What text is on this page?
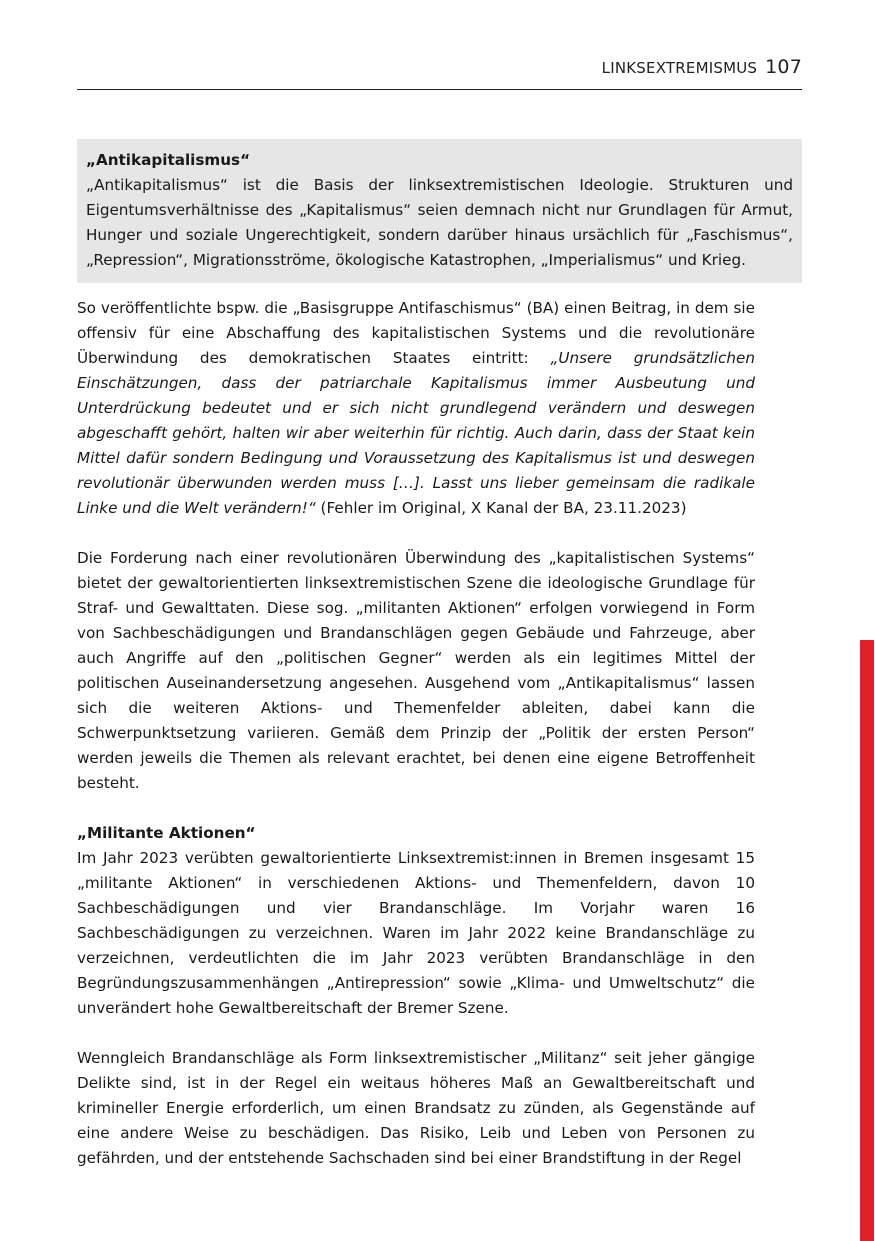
LINKSEXTREMISMUS 107
„Antikapitalismus“
„Antikapitalismus“ ist die Basis der linksextremistischen Ideologie. Strukturen und Eigentumsverhältnisse des „Kapitalismus“ seien demnach nicht nur Grundlagen für Armut, Hunger und soziale Ungerechtigkeit, sondern darüber hinaus ursächlich für „Faschismus“, „Repression“, Migrationsströme, ökologische Katastrophen, „Imperialismus“ und Krieg.

So veröffentlichte bspw. die „Basisgruppe Antifaschismus“ (BA) einen Beitrag, in dem sie offensiv für eine Abschaffung des kapitalistischen Systems und die revolutionäre Überwindung des demokratischen Staates eintritt: „Unsere grundsätzlichen Einschätzungen, dass der patriarchale Kapitalismus immer Ausbeutung und Unterdrückung bedeutet und er sich nicht grundlegend verändern und deswegen abgeschafft gehört, halten wir aber weiterhin für richtig. Auch darin, dass der Staat kein Mittel dafür sondern Bedingung und Voraussetzung des Kapitalismus ist und deswegen revolutionär überwunden werden muss […]. Lasst uns lieber gemeinsam die radikale Linke und die Welt verändern!“ (Fehler im Original, X Kanal der BA, 23.11.2023)

Die Forderung nach einer revolutionären Überwindung des „kapitalistischen Systems“ bietet der gewaltorientierten linksextremistischen Szene die ideologische Grundlage für Straf- und Gewalttaten. Diese sog. „militanten Aktionen“ erfolgen vorwiegend in Form von Sachbeschädigungen und Brandanschlägen gegen Gebäude und Fahrzeuge, aber auch Angriffe auf den „politischen Gegner“ werden als ein legitimes Mittel der politischen Auseinandersetzung angesehen. Ausgehend vom „Antikapitalismus“ lassen sich die weiteren Aktions- und Themenfelder ableiten, dabei kann die Schwerpunktsetzung variieren. Gemäß dem Prinzip der „Politik der ersten Person“ werden jeweils die Themen als relevant erachtet, bei denen eine eigene Betroffenheit besteht.

„Militante Aktionen“
Im Jahr 2023 verübten gewaltorientierte Linksextremist:innen in Bremen insgesamt 15 „militante Aktionen“ in verschiedenen Aktions- und Themenfeldern, davon 10 Sachbeschädigungen und vier Brandanschläge. Im Vorjahr waren 16 Sachbeschädigungen zu verzeichnen. Waren im Jahr 2022 keine Brandanschläge zu verzeichnen, verdeutlichten die im Jahr 2023 verübten Brandanschläge in den Begründungszusammenhängen „Antirepression“ sowie „Klima- und Umweltschutz“ die unverändert hohe Gewaltbereitschaft der Bremer Szene.

Wenngleich Brandanschläge als Form linksextremistischer „Militanz“ seit jeher gängige Delikte sind, ist in der Regel ein weitaus höheres Maß an Gewaltbereitschaft und krimineller Energie erforderlich, um einen Brandsatz zu zünden, als Gegenstände auf eine andere Weise zu beschädigen. Das Risiko, Leib und Leben von Personen zu gefährden, und der entstehende Sachschaden sind bei einer Brandstiftung in der Regel
